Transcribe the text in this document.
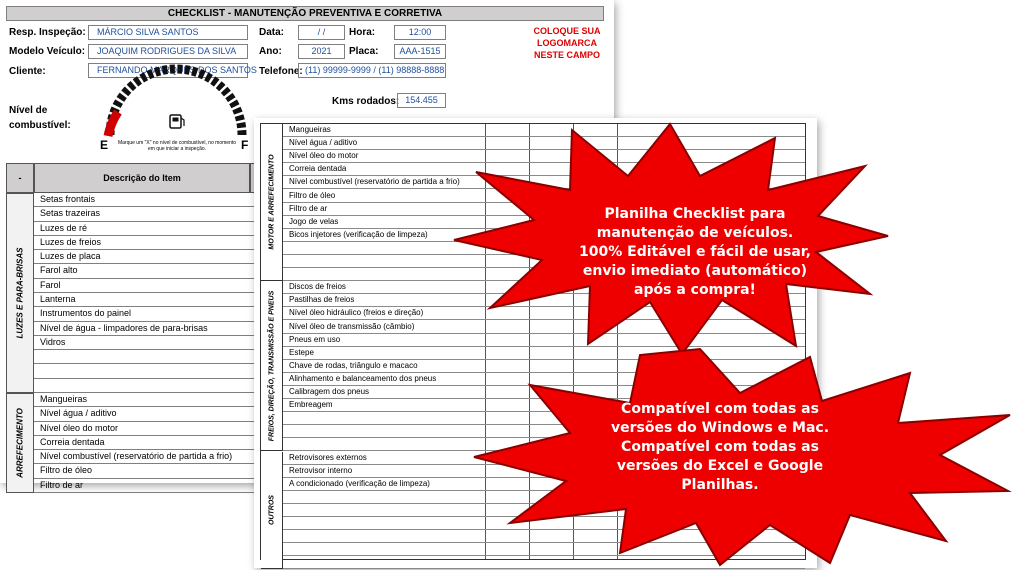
CHECKLIST - MANUTENÇÃO PREVENTIVA E CORRETIVA
Resp. Inspeção:	MÁRCIO SILVA SANTOS
Modelo Veículo:	JOAQUIM RODRIGUES DA SILVA
Cliente:	FERNANDO MARQUES DOS SANTOS
Data:	/ /	Hora:	12:00
Ano:	2021	Placa:	AAA-1515
Telefone: (11) 99999-9999 / (11) 98888-8888
COLOQUE SUA LOGOMARCA NESTE CAMPO
Nível de
combustível:
E	F
Marque um "X" no nível de combustível, no momento em que iniciar a inspeção.
Kms rodados: 154.455
-	Descrição do Item
LUZES E PARA-BRISAS
Setas frontais
Setas trazeiras
Luzes de ré
Luzes de freios
Luzes de placa
Farol alto
Farol
Lanterna
Instrumentos do painel
Nível de água - limpadores de para-brisas
Vidros
ARREFECIMENTO
Mangueiras
Nível água / aditivo
Nível óleo do motor
Correia dentada
Nível combustível (reservatório de partida a frio)
Filtro de óleo
Filtro de ar
MOTOR E ARREFECIMENTO
Mangueiras
Nível água / aditivo
Nível óleo do motor
Correia dentada
Nível combustível (reservatório de partida a frio)
Filtro de óleo
Filtro de ar
Jogo de velas
Bicos injetores (verificação de limpeza)
FREIOS, DIREÇÃO, TRANSMISSÃO E PNEUS
Discos de freios
Pastilhas de freios
Nível óleo hidráulico (freios e direção)
Nível óleo de transmissão (câmbio)
Pneus em uso
Estepe
Chave de rodas, triângulo e macaco
Alinhamento e balanceamento dos pneus
Calibragem dos pneus
Embreagem
OUTROS
Retrovisores externos
Retrovisor interno
A condicionado (verificação de limpeza)
Planilha Checklist para
manutenção de veículos.
100% Editável e fácil de usar,
envio imediato (automático)
após a compra!
Compatível com todas as
versões do Windows e Mac.
Compatível com todas as
versões do Excel e Google
Planilhas.
